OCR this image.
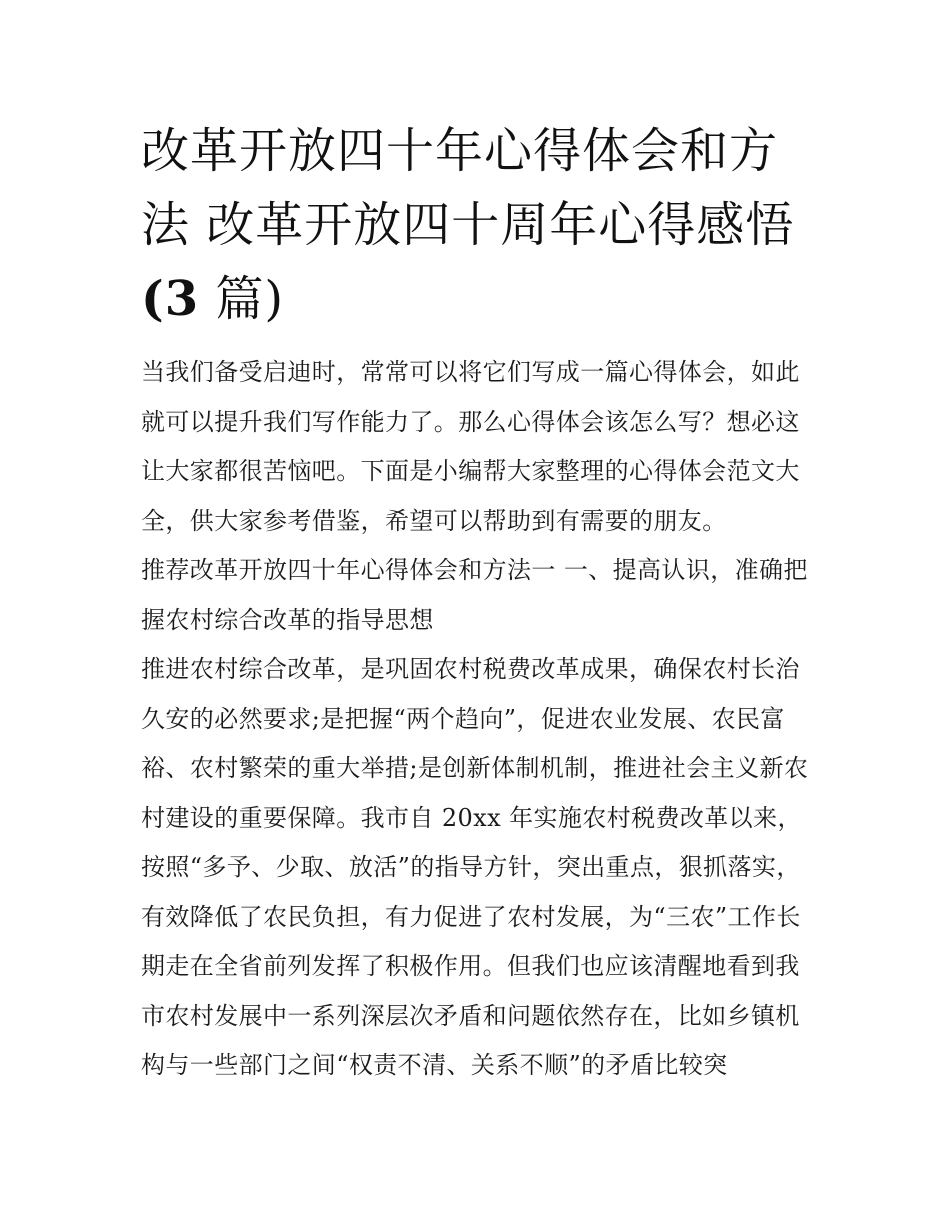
改革开放四十年心得体会和方
法 改革开放四十周年心得感悟
(3 篇)

当我们备受启迪时，常常可以将它们写成一篇心得体会，如此就可以提升我们写作能力了。那么心得体会该怎么写？想必这让大家都很苦恼吧。下面是小编帮大家整理的心得体会范文大全，供大家参考借鉴，希望可以帮助到有需要的朋友。

推荐改革开放四十年心得体会和方法一 一、提高认识，准确把握农村综合改革的指导思想

推进农村综合改革，是巩固农村税费改革成果，确保农村长治久安的必然要求;是把握“两个趋向”，促进农业发展、农民富裕、农村繁荣的重大举措;是创新体制机制，推进社会主义新农村建设的重要保障。我市自 20xx 年实施农村税费改革以来，按照“多予、少取、放活”的指导方针，突出重点，狠抓落实，有效降低了农民负担，有力促进了农村发展，为“三农”工作长期走在全省前列发挥了积极作用。但我们也应该清醒地看到我市农村发展中一系列深层次矛盾和问题依然存在，比如乡镇机构与一些部门之间“权责不清、关系不顺”的矛盾比较突
